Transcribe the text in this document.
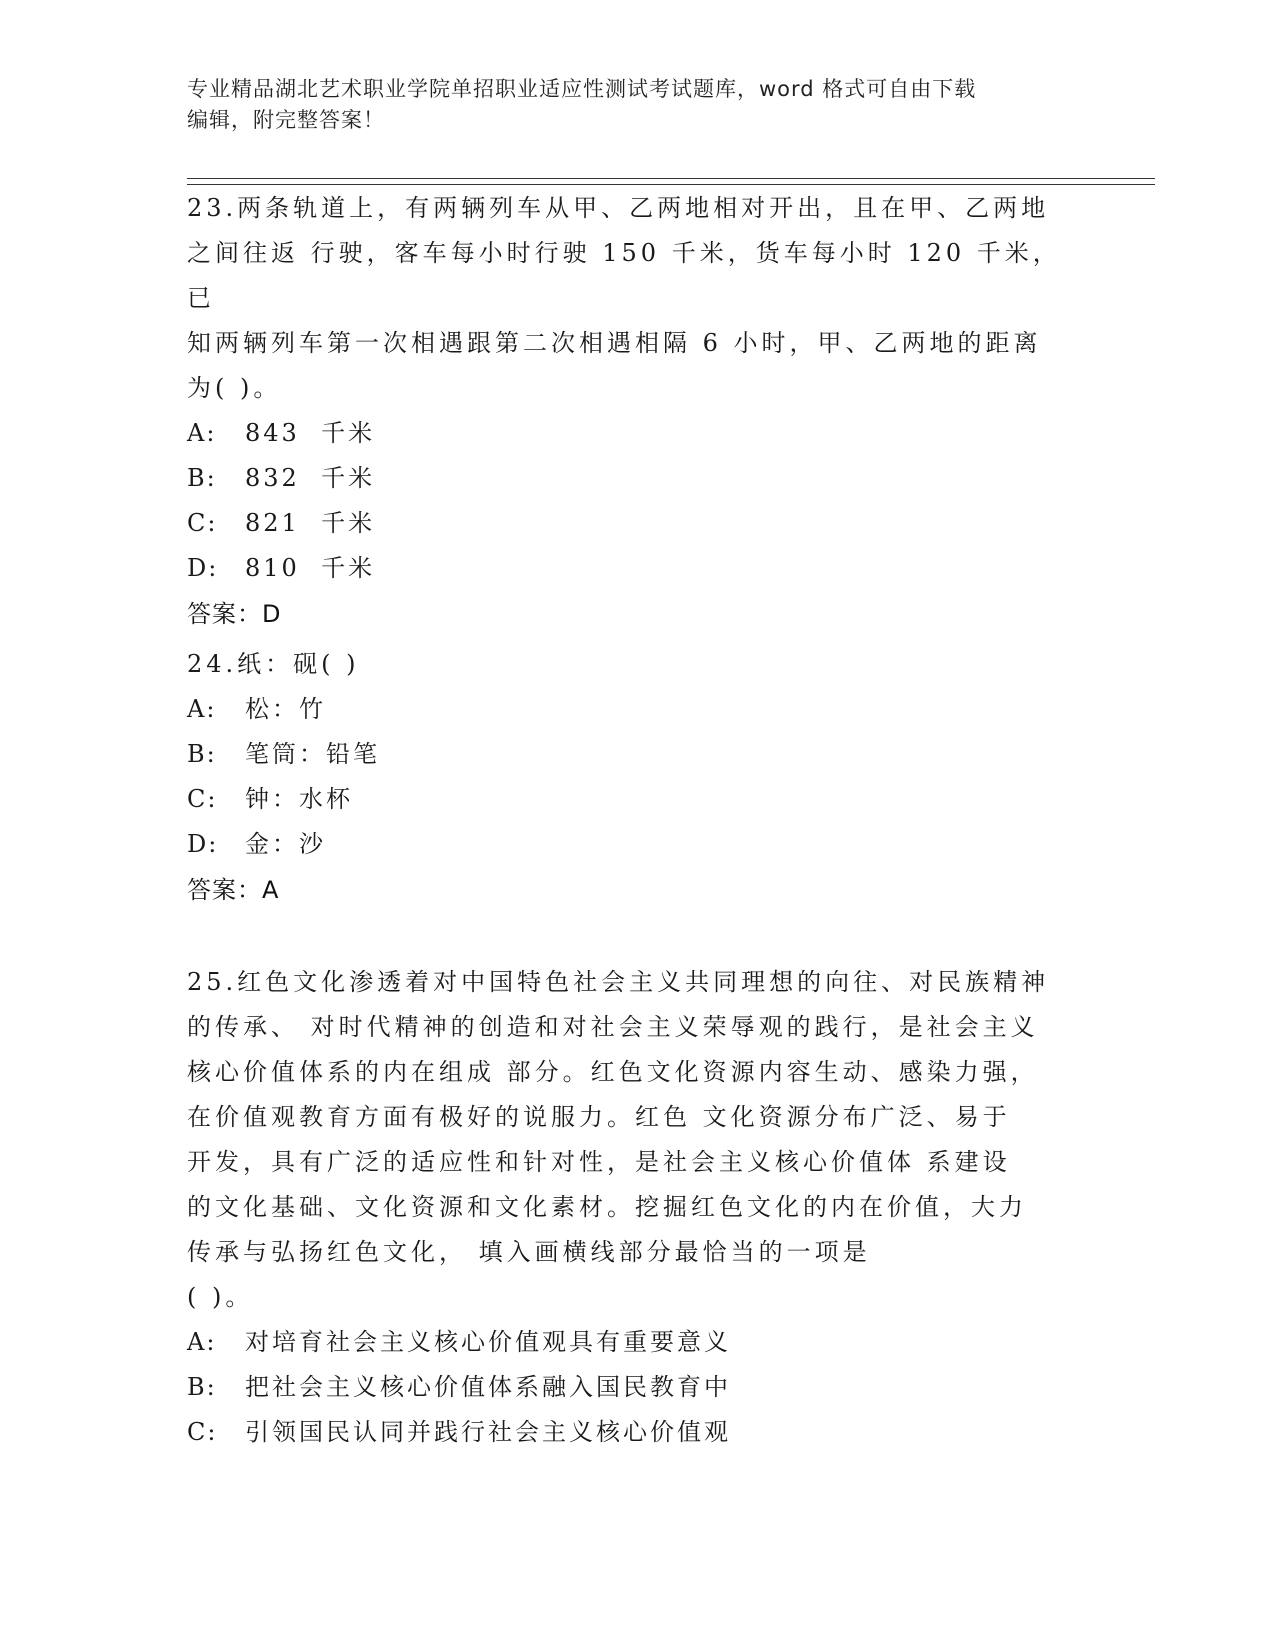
专业精品湖北艺术职业学院单招职业适应性测试考试题库，word 格式可自由下载
编辑，附完整答案！

23.两条轨道上，有两辆列车从甲、乙两地相对开出，且在甲、乙两地

之间往返 行驶，客车每小时行驶 150 千米，货车每小时 120 千米，已

知两辆列车第一次相遇跟第二次相遇相隔 6 小时，甲、乙两地的距离

为( )。

A: 843  千米

B: 832  千米

C: 821  千米

D: 810  千米

答案：D

24.纸：砚( )

A: 松：竹

B: 笔筒：铅笔

C: 钟：水杯

D: 金：沙

答案：A

25.红色文化渗透着对中国特色社会主义共同理想的向往、对民族精神

的传承、 对时代精神的创造和对社会主义荣辱观的践行，是社会主义

核心价值体系的内在组成 部分。红色文化资源内容生动、感染力强，

在价值观教育方面有极好的说服力。红色 文化资源分布广泛、易于

开发，具有广泛的适应性和针对性，是社会主义核心价值体 系建设

的文化基础、文化资源和文化素材。挖掘红色文化的内在价值，大力

传承与弘扬红色文化， 填入画横线部分最恰当的一项是

( )。

A: 对培育社会主义核心价值观具有重要意义

B: 把社会主义核心价值体系融入国民教育中

C: 引领国民认同并践行社会主义核心价值观
